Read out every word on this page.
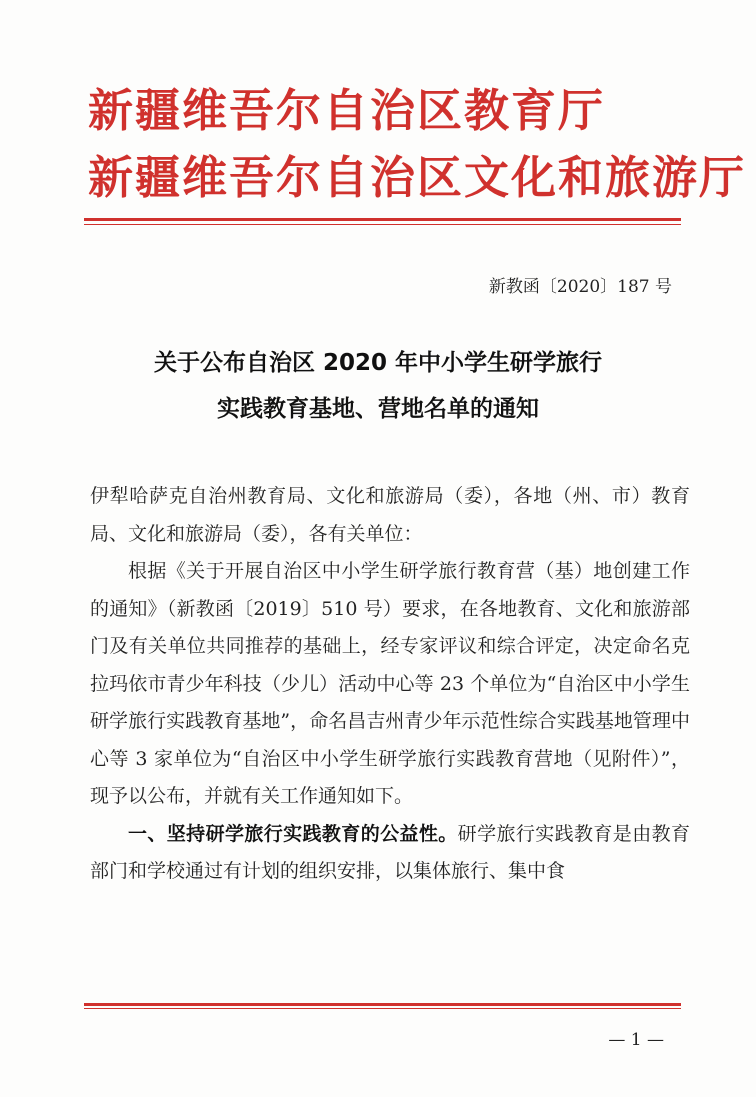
新疆维吾尔自治区教育厅
新疆维吾尔自治区文化和旅游厅
新教函〔2020〕187 号
关于公布自治区 2020 年中小学生研学旅行
实践教育基地、营地名单的通知

伊犁哈萨克自治州教育局、文化和旅游局（委），各地（州、市）教育局、文化和旅游局（委），各有关单位：

根据《关于开展自治区中小学生研学旅行教育营（基）地创建工作的通知》（新教函〔2019〕510 号）要求，在各地教育、文化和旅游部门及有关单位共同推荐的基础上，经专家评议和综合评定，决定命名克拉玛依市青少年科技（少儿）活动中心等 23 个单位为“自治区中小学生研学旅行实践教育基地”，命名昌吉州青少年示范性综合实践基地管理中心等 3 家单位为“自治区中小学生研学旅行实践教育营地（见附件）”，现予以公布，并就有关工作通知如下。

一、坚持研学旅行实践教育的公益性。研学旅行实践教育是由教育部门和学校通过有计划的组织安排，以集体旅行、集中食

— 1 —
